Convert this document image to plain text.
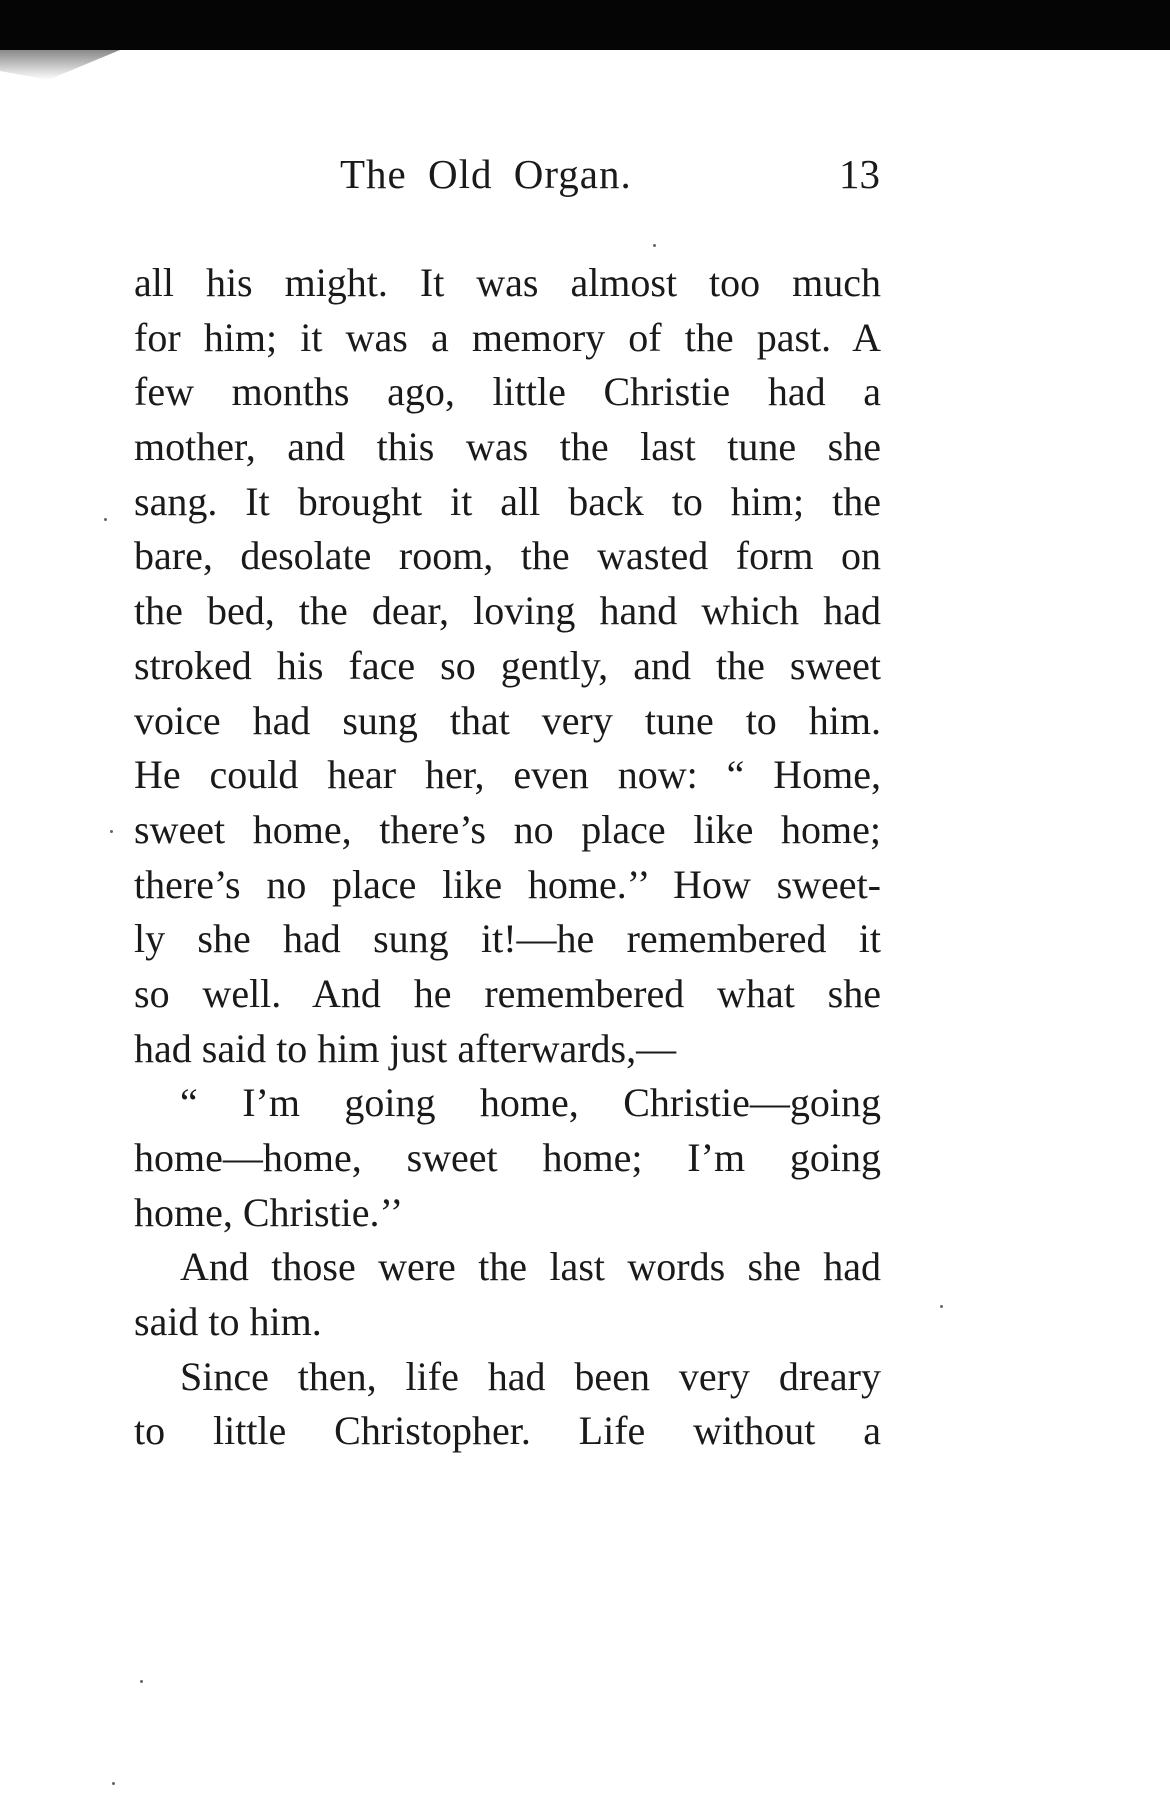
The Old Organ.	13
all his might. It was almost too much
for him; it was a memory of the past. A
few months ago, little Christie had a
mother, and this was the last tune she
sang. It brought it all back to him; the
bare, desolate room, the wasted form on
the bed, the dear, loving hand which had
stroked his face so gently, and the sweet
voice had sung that very tune to him.
He could hear her, even now: “ Home,
sweet home, there’s no place like home;
there’s no place like home.’’ How sweet-
ly she had sung it!—he remembered it
so well. And he remembered what she
had said to him just afterwards,—
“ I’m going home, Christie—going
home—home, sweet home; I’m going
home, Christie.’’
And those were the last words she had
said to him.
Since then, life had been very dreary
to little Christopher. Life without a
